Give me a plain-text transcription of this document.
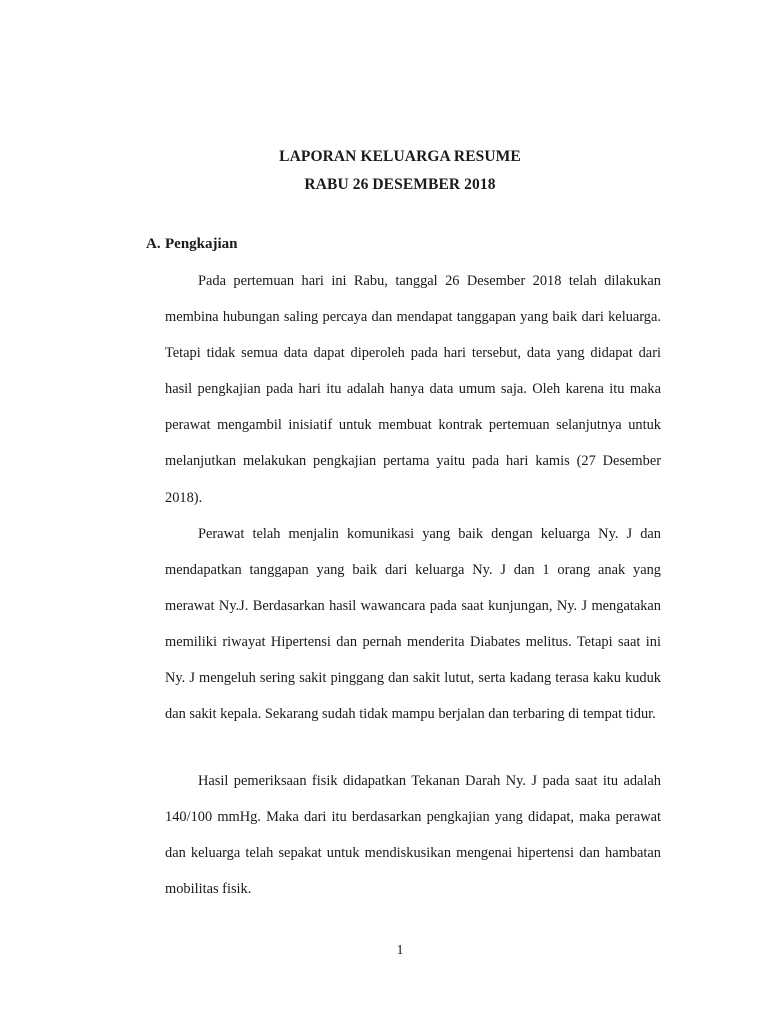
LAPORAN KELUARGA RESUME
RABU 26 DESEMBER 2018
A. Pengkajian

Pada pertemuan hari ini Rabu, tanggal 26 Desember 2018 telah dilakukan membina hubungan saling percaya dan mendapat tanggapan yang baik dari keluarga. Tetapi tidak semua data dapat diperoleh pada hari tersebut, data yang didapat dari hasil pengkajian pada hari itu adalah hanya data umum saja. Oleh karena itu maka perawat mengambil inisiatif untuk membuat kontrak pertemuan selanjutnya untuk melanjutkan melakukan pengkajian pertama yaitu pada hari kamis (27 Desember 2018).

Perawat telah menjalin komunikasi yang baik dengan keluarga Ny. J dan mendapatkan tanggapan yang baik dari keluarga Ny. J dan 1 orang anak yang merawat Ny.J. Berdasarkan hasil wawancara pada saat kunjungan, Ny. J mengatakan memiliki riwayat Hipertensi dan pernah menderita Diabates melitus. Tetapi saat ini Ny. J mengeluh sering sakit pinggang dan sakit lutut, serta kadang terasa kaku kuduk dan sakit kepala. Sekarang sudah tidak mampu berjalan dan terbaring di tempat tidur.

Hasil pemeriksaan fisik didapatkan Tekanan Darah Ny. J pada saat itu adalah 140/100 mmHg. Maka dari itu berdasarkan pengkajian yang didapat, maka perawat dan keluarga telah sepakat untuk mendiskusikan mengenai hipertensi dan hambatan mobilitas fisik.

1
